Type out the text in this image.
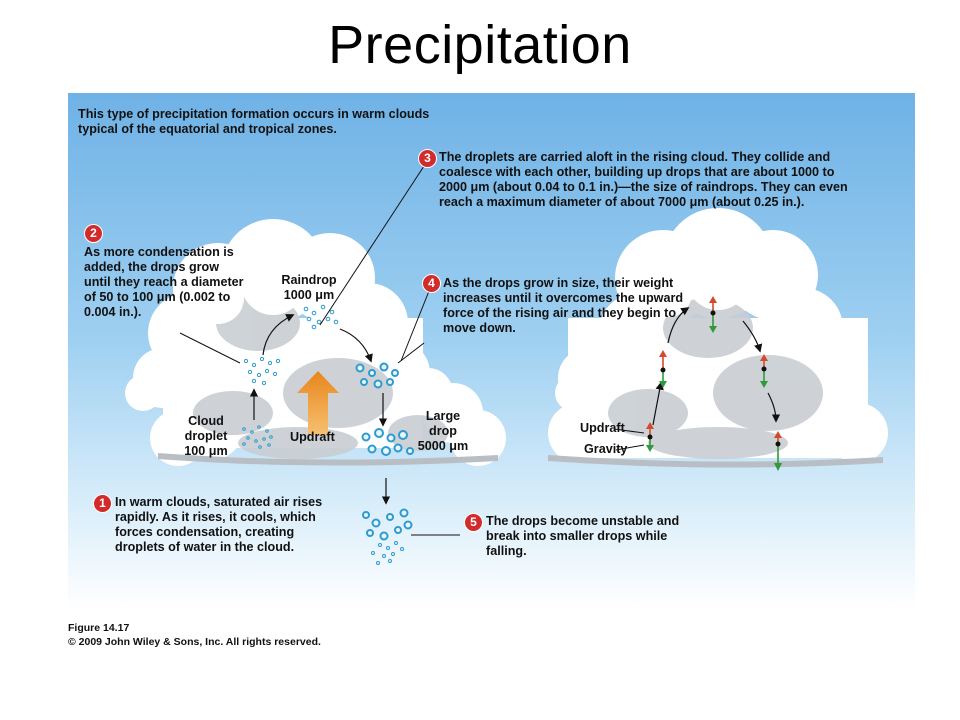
Precipitation
This type of precipitation formation occurs in warm clouds typical of the equatorial and tropical zones.
3 The droplets are carried aloft in the rising cloud. They collide and coalesce with each other, building up drops that are about 1000 to 2000 μm (about 0.04 to 0.1 in.)—the size of raindrops. They can even reach a maximum diameter of about 7000 μm (about 0.25 in.).
2
As more condensation is added, the drops grow until they reach a diameter of 50 to 100 μm (0.002 to 0.004 in.).
4 As the drops grow in size, their weight increases until it overcomes the upward force of the rising air and they begin to move down.
Raindrop
1000 μm
Cloud
droplet
100 μm
Updraft
Large
drop
5000 μm
Updraft
Gravity
1 In warm clouds, saturated air rises rapidly. As it rises, it cools, which forces condensation, creating droplets of water in the cloud.
5 The drops become unstable and break into smaller drops while falling.
Figure 14.17
© 2009 John Wiley & Sons, Inc. All rights reserved.
